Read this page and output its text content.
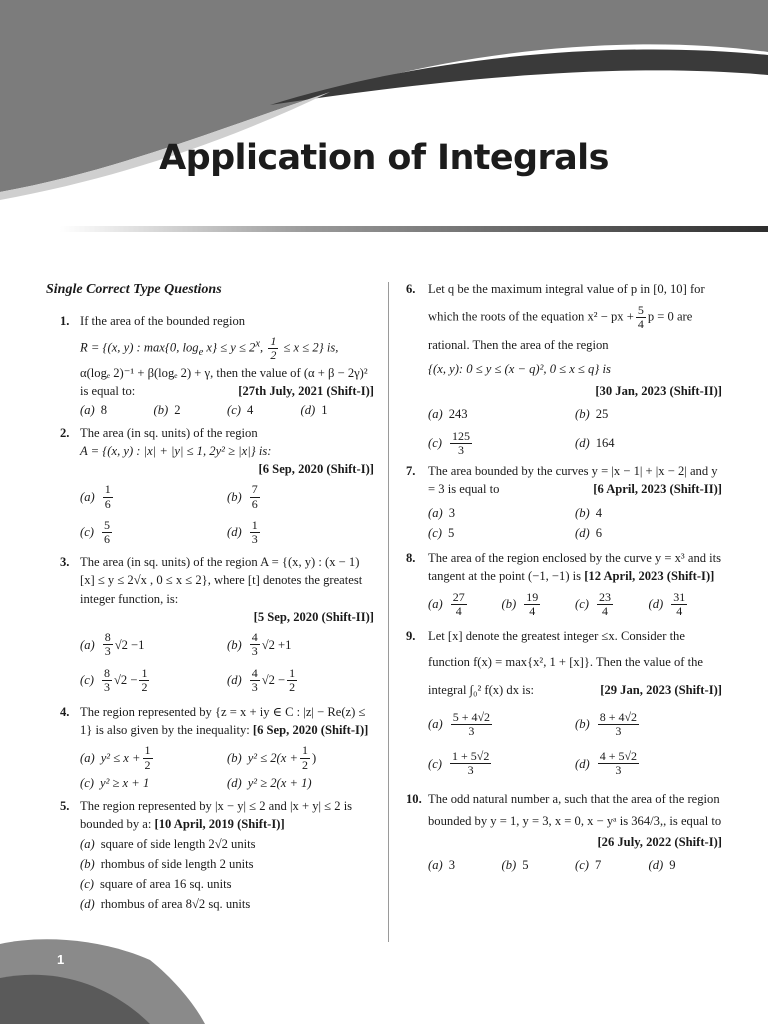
Application of Integrals
Single Correct Type Questions
1. If the area of the bounded region
R = {(x, y) : max{0, $\log_e x\} \le y \le 2^x$, $\frac{1}{2} \le x \le 2$} is,
α(logₑ 2)⁻¹ + β(logₑ 2) + γ, then the value of (α + β − 2γ)²
is equal to:	[27th July, 2021 (Shift-I)]
(a) 8	(b) 2	(c) 4	(d) 1
2. The area (in sq. units) of the region
A = {(x, y) : |x| + |y| ≤ 1, 2y² ≥ |x|} is:
[6 Sep, 2020 (Shift-I)]
$(a) \frac{1}{6}$	$(b) \frac{7}{6}$
$(c) \frac{5}{6}$	$(d) \frac{1}{3}$
3. The area (in sq. units) of the region A = {(x, y) : (x − 1)[x] ≤ y ≤ 2√x , 0 ≤ x ≤ 2}, where [t] denotes the greatest integer function, is:
[5 Sep, 2020 (Shift-II)]
$(a) \frac{8}{3} √2 -1$	$(b) \frac{4}{3} √2 +1$
$(c) \frac{8}{3} √2 - \frac{1}{2}$	$(d) \frac{4}{3} √2 - \frac{1}{2}$
4. The region represented by {z = x + iy ∈ C : |z| − Re(z) ≤ 1} is also given by the inequality: [6 Sep, 2020 (Shift-I)]
(a) $y^2 \le x + \frac{1}{2}$	(b) $y^2 \le 2(x + \frac{1}{2}$ )
(c) y² ≥ x + 1	(d) y² ≥ 2(x + 1)
5. The region represented by |x − y| ≤ 2 and |x + y| ≤ 2 is bounded by a: [10 April, 2019 (Shift-I)]
(a) square of side length 2√2 units
(b) rhombus of side length 2 units
(c) square of area 16 sq. units
(d) rhombus of area 8√2 sq. units
6. Let q be the maximum integral value of p in [0, 10] for
which the roots of the equation x² − px + $\frac{5}{4}$ p = 0 are
rational. Then the area of the region
{(x, y): 0 ≤ y ≤ (x − q)², 0 ≤ x ≤ q} is
[30 Jan, 2023 (Shift-II)]
(a) 243	(b) 25
$(c) \frac{125}{3}$	(d) 164
7. The area bounded by the curves y = |x − 1| + |x − 2| and y
= 3 is equal to	[6 April, 2023 (Shift-II)]
(a) 3	(b) 4
(c) 5	(d) 6
8. The area of the region enclosed by the curve y = x³ and its tangent at the point (−1, −1) is [12 April, 2023 (Shift-I)]
$(a) \frac{27}{4}$	$(b) \frac{19}{4}$	$(c) \frac{23}{4}$	$(d) \frac{31}{4}$
9. Let [x] denote the greatest integer ≤x. Consider the
function f(x) = max{x², 1 + [x]}. Then the value of the
integral ∫₀² f(x) dx is:	[29 Jan, 2023 (Shift-I)]
$(a) \frac{5 + 4√2}{3}$	$(b) \frac{8 + 4√2}{3}$
$(c) \frac{1 + 5√2}{3}$	$(d) \frac{4 + 5√2}{3}$
10. The odd natural number a, such that the area of the region
bounded by y = 1, y = 3, x = 0, x − yᵃ is 364/3,, is equal to
[26 July, 2022 (Shift-I)]
(a) 3	(b) 5	(c) 7	(d) 9
1
